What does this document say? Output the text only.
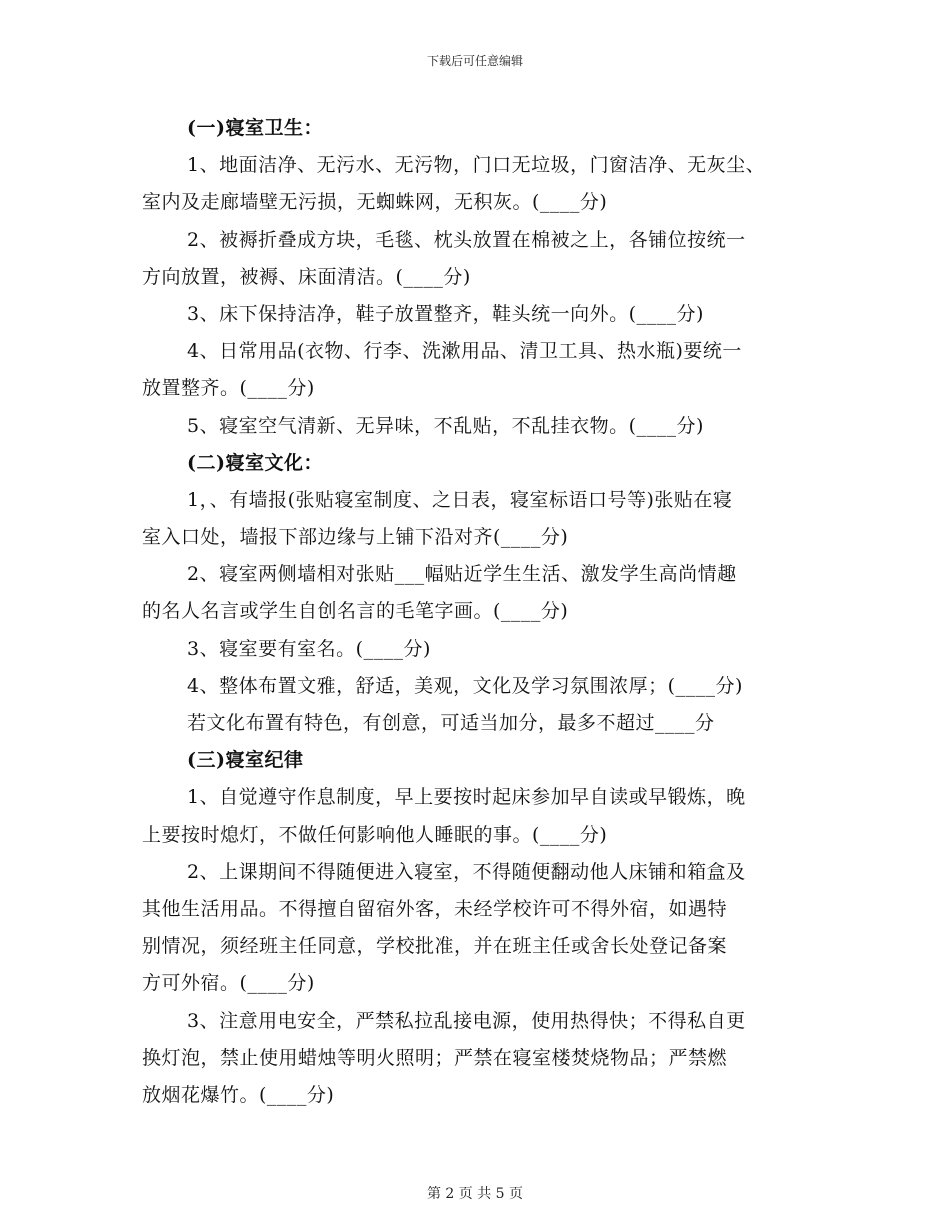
下载后可任意编辑
(一)寝室卫生：
1、地面洁净、无污水、无污物，门口无垃圾，门窗洁净、无灰尘、
室内及走廊墙壁无污损，无蜘蛛网，无积灰。(____分)
2、被褥折叠成方块，毛毯、枕头放置在棉被之上，各铺位按统一
方向放置，被褥、床面清洁。(____分)
3、床下保持洁净，鞋子放置整齐，鞋头统一向外。(____分)
4、日常用品(衣物、行李、洗漱用品、清卫工具、热水瓶)要统一
放置整齐。(____分)
5、寝室空气清新、无异味，不乱贴，不乱挂衣物。(____分)
(二)寝室文化：
1，、有墙报(张贴寝室制度、之日表，寝室标语口号等)张贴在寝
室入口处，墙报下部边缘与上铺下沿对齐(____分)
2、寝室两侧墙相对张贴___幅贴近学生生活、激发学生高尚情趣
的名人名言或学生自创名言的毛笔字画。(____分)
3、寝室要有室名。(____分)
4、整体布置文雅，舒适，美观，文化及学习氛围浓厚；(____分)
若文化布置有特色，有创意，可适当加分，最多不超过____分
(三)寝室纪律
1、自觉遵守作息制度，早上要按时起床参加早自读或早锻炼，晚
上要按时熄灯，不做任何影响他人睡眠的事。(____分)
2、上课期间不得随便进入寝室，不得随便翻动他人床铺和箱盒及
其他生活用品。不得擅自留宿外客，未经学校许可不得外宿，如遇特
别情况，须经班主任同意，学校批准，并在班主任或舍长处登记备案
方可外宿。(____分)
3、注意用电安全，严禁私拉乱接电源，使用热得快；不得私自更
换灯泡，禁止使用蜡烛等明火照明；严禁在寝室楼焚烧物品；严禁燃
放烟花爆竹。(____分)
第 2 页 共 5 页
